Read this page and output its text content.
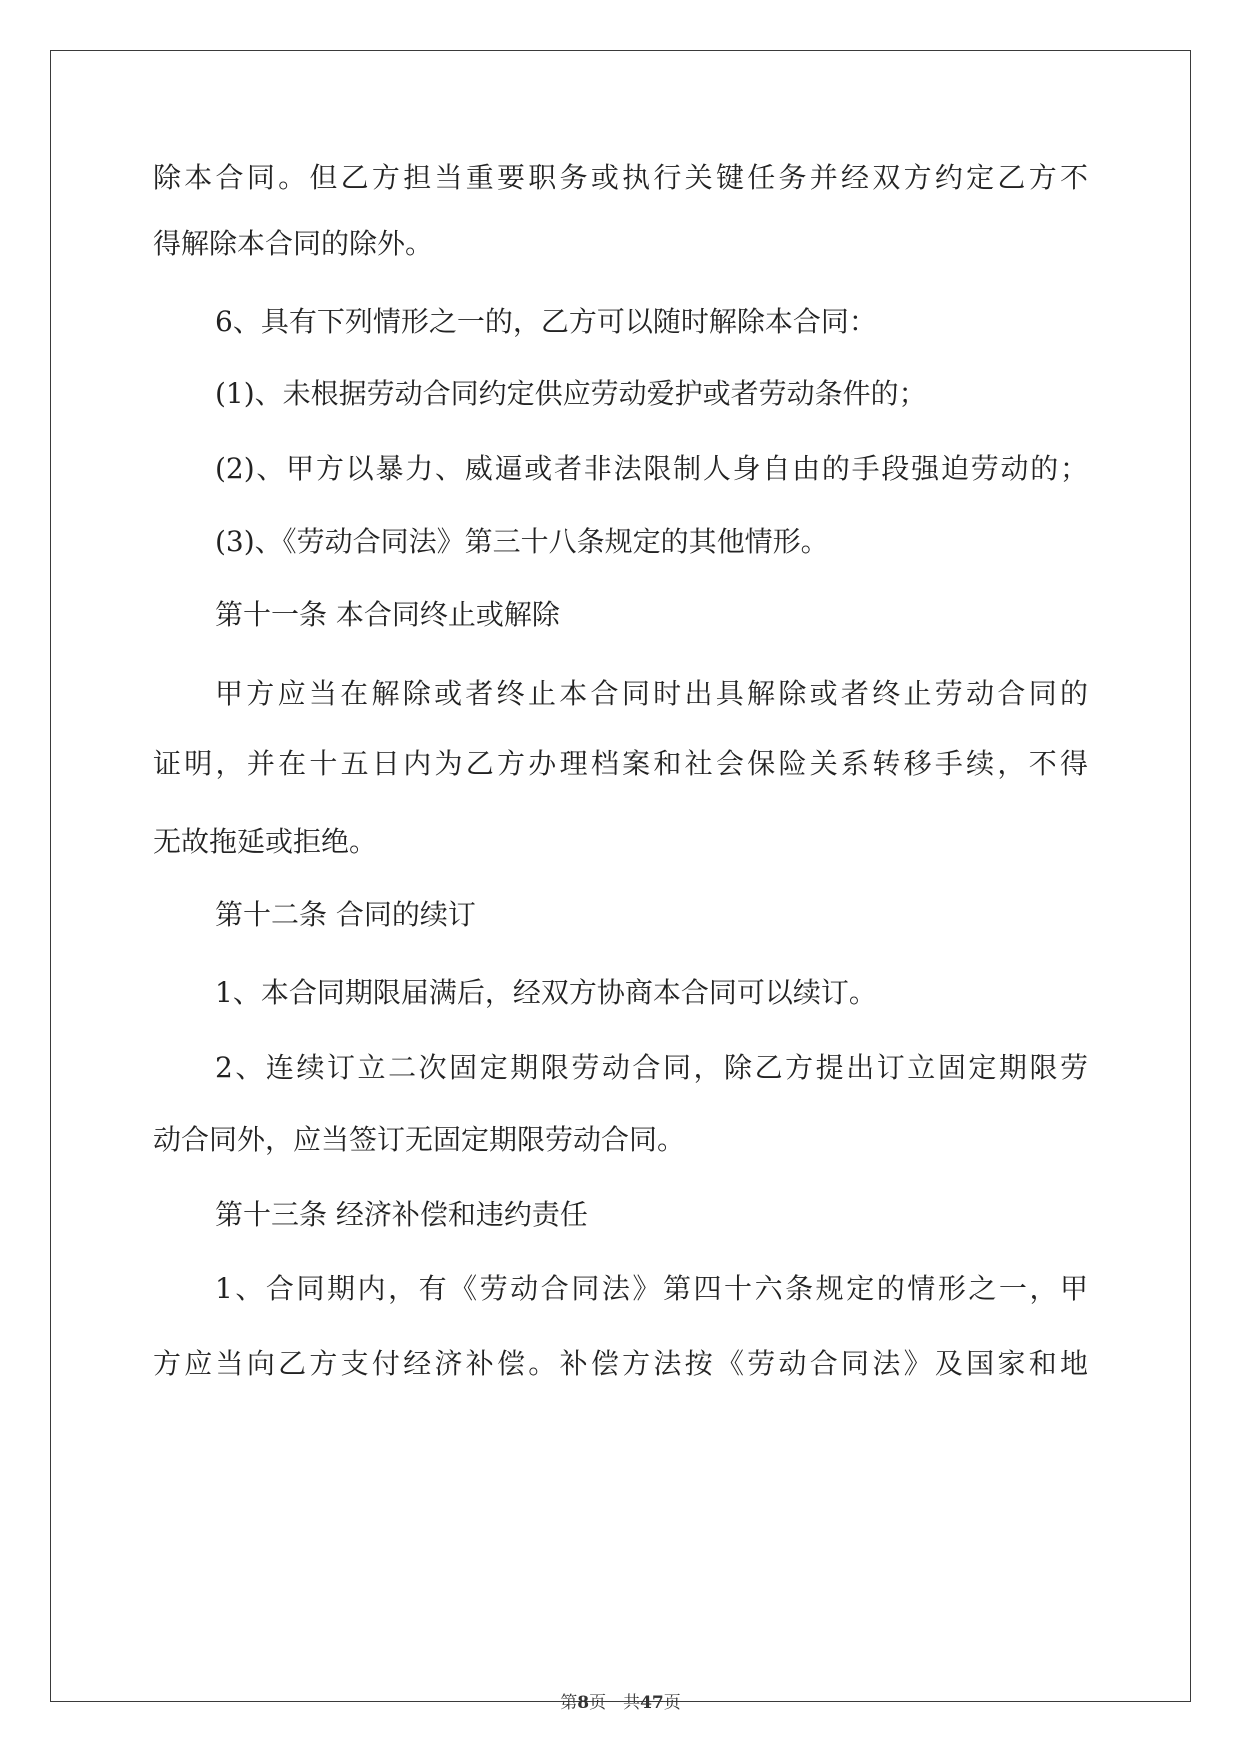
除本合同。但乙方担当重要职务或执行关键任务并经双方约定乙方不
得解除本合同的除外。
6、具有下列情形之一的，乙方可以随时解除本合同：
(1)、未根据劳动合同约定供应劳动爱护或者劳动条件的；
(2)、甲方以暴力、威逼或者非法限制人身自由的手段强迫劳动的；
(3)、《劳动合同法》第三十八条规定的其他情形。
第十一条 本合同终止或解除
甲方应当在解除或者终止本合同时出具解除或者终止劳动合同的
证明，并在十五日内为乙方办理档案和社会保险关系转移手续，不得
无故拖延或拒绝。
第十二条 合同的续订
1、本合同期限届满后，经双方协商本合同可以续订。
2、连续订立二次固定期限劳动合同，除乙方提出订立固定期限劳
动合同外，应当签订无固定期限劳动合同。
第十三条 经济补偿和违约责任
1、合同期内，有《劳动合同法》第四十六条规定的情形之一，甲
方应当向乙方支付经济补偿。补偿方法按《劳动合同法》及国家和地
第8页　共47页
